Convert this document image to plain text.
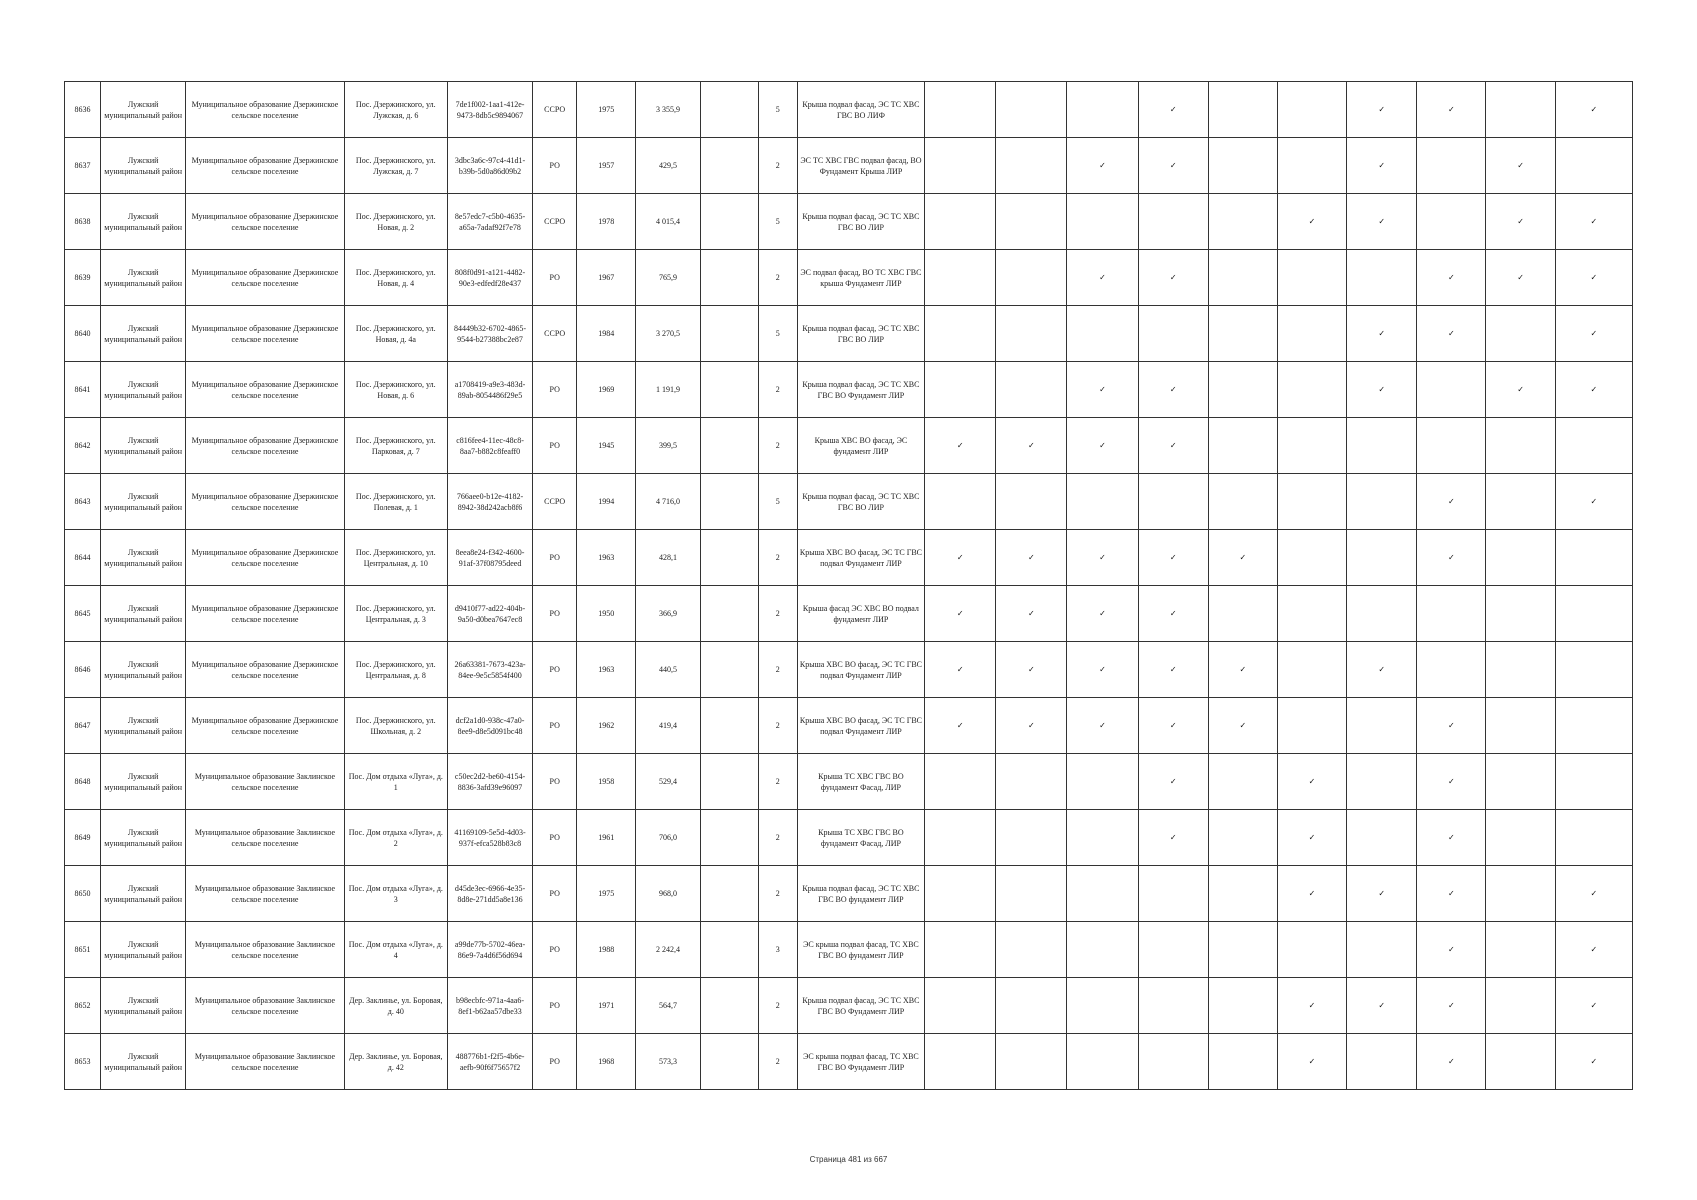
8636	Лужский муниципальный район	Муниципальное образование Дзержинское сельское поселение	Пос. Дзержинского, ул. Лужская, д. 6	7de1f002-1aa1-412e-9473-8db5c9894067	ССРО	1975	3 355,9		5	Крыша подвал фасад, ЭС ТС ХВС ГВС ВО ЛИФ				✓			✓	✓		✓
8637	Лужский муниципальный район	Муниципальное образование Дзержинское сельское поселение	Пос. Дзержинского, ул. Лужская, д. 7	3dbc3a6c-97c4-41d1-b39b-5d0a86d09b2	РО	1957	429,5		2	ЭС ТС ХВС ГВС подвал фасад, ВО Фундамент Крыша ЛИР			✓	✓			✓		✓	
8638	Лужский муниципальный район	Муниципальное образование Дзержинское сельское поселение	Пос. Дзержинского, ул. Новая, д. 2	8e57edc7-c5b0-4635-a65a-7adaf92f7e78	ССРО	1978	4 015,4		5	Крыша подвал фасад, ЭС ТС ХВС ГВС ВО ЛИР						✓	✓		✓	✓
8639	Лужский муниципальный район	Муниципальное образование Дзержинское сельское поселение	Пос. Дзержинского, ул. Новая, д. 4	808f0d91-a121-4482-90e3-edfedf28e437	РО	1967	765,9		2	ЭС подвал фасад, ВО ТС ХВС ГВС крыша Фундамент ЛИР			✓	✓				✓	✓	✓
8640	Лужский муниципальный район	Муниципальное образование Дзержинское сельское поселение	Пос. Дзержинского, ул. Новая, д. 4а	84449b32-6702-4865-9544-b27388bc2e87	ССРО	1984	3 270,5		5	Крыша подвал фасад, ЭС ТС ХВС ГВС ВО ЛИР							✓	✓		✓
8641	Лужский муниципальный район	Муниципальное образование Дзержинское сельское поселение	Пос. Дзержинского, ул. Новая, д. 6	a1708419-a9e3-483d-89ab-8054486f29e5	РО	1969	1 191,9		2	Крыша подвал фасад, ЭС ТС ХВС ГВС ВО Фундамент ЛИР			✓	✓			✓		✓	✓
8642	Лужский муниципальный район	Муниципальное образование Дзержинское сельское поселение	Пос. Дзержинского, ул. Парковая, д. 7	c816fee4-11ec-48c8-8aa7-b882c8feaff0	РО	1945	399,5		2	Крыша ХВС ВО фасад, ЭС фундамент ЛИР	✓	✓	✓	✓						
8643	Лужский муниципальный район	Муниципальное образование Дзержинское сельское поселение	Пос. Дзержинского, ул. Полевая, д. 1	766aee0-b12e-4182-8942-38d242acb8f6	ССРО	1994	4 716,0		5	Крыша подвал фасад, ЭС ТС ХВС ГВС ВО ЛИР								✓		✓
8644	Лужский муниципальный район	Муниципальное образование Дзержинское сельское поселение	Пос. Дзержинского, ул. Центральная, д. 10	8eea8e24-f342-4600-91af-37f08795deed	РО	1963	428,1		2	Крыша ХВС ВО фасад, ЭС ТС ГВС подвал Фундамент ЛИР	✓	✓	✓	✓	✓			✓		
8645	Лужский муниципальный район	Муниципальное образование Дзержинское сельское поселение	Пос. Дзержинского, ул. Центральная, д. 3	d9410f77-ad22-404b-9a50-d0bea7647ec8	РО	1950	366,9		2	Крыша фасад ЭС ХВС ВО подвал фундамент ЛИР	✓	✓	✓	✓						
8646	Лужский муниципальный район	Муниципальное образование Дзержинское сельское поселение	Пос. Дзержинского, ул. Центральная, д. 8	26a63381-7673-423a-84ee-9e5c5854f400	РО	1963	440,5		2	Крыша ХВС ВО фасад, ЭС ТС ГВС подвал Фундамент ЛИР	✓	✓	✓	✓	✓		✓			
8647	Лужский муниципальный район	Муниципальное образование Дзержинское сельское поселение	Пос. Дзержинского, ул. Школьная, д. 2	dcf2a1d0-938c-47a0-8ee9-d8e5d091bc48	РО	1962	419,4		2	Крыша ХВС ВО фасад, ЭС ТС ГВС подвал Фундамент ЛИР	✓	✓	✓	✓	✓			✓		
8648	Лужский муниципальный район	Муниципальное образование Заклинское сельское поселение	Пос. Дом отдыха «Луга», д. 1	c50ec2d2-be60-4154-8836-3afd39e96097	РО	1958	529,4		2	Крыша ТС ХВС ГВС ВО фундамент Фасад, ЛИР				✓		✓		✓		
8649	Лужский муниципальный район	Муниципальное образование Заклинское сельское поселение	Пос. Дом отдыха «Луга», д. 2	41169109-5e5d-4d03-937f-efca528b83c8	РО	1961	706,0		2	Крыша ТС ХВС ГВС ВО фундамент Фасад, ЛИР				✓		✓		✓		
8650	Лужский муниципальный район	Муниципальное образование Заклинское сельское поселение	Пос. Дом отдыха «Луга», д. 3	d45de3ec-6966-4e35-8d8e-271dd5a8e136	РО	1975	968,0		2	Крыша подвал фасад, ЭС ТС ХВС ГВС ВО фундамент ЛИР						✓	✓	✓		✓
8651	Лужский муниципальный район	Муниципальное образование Заклинское сельское поселение	Пос. Дом отдыха «Луга», д. 4	a99de77b-5702-46ea-86e9-7a4d6f56d694	РО	1988	2 242,4		3	ЭС крыша подвал фасад, ТС ХВС ГВС ВО фундамент ЛИР								✓		✓
8652	Лужский муниципальный район	Муниципальное образование Заклинское сельское поселение	Дер. Заклинье, ул. Боровая, д. 40	b98ecbfc-971a-4aa6-8ef1-b62aa57dbe33	РО	1971	564,7		2	Крыша подвал фасад, ЭС ТС ХВС ГВС ВО Фундамент ЛИР						✓	✓	✓		✓
8653	Лужский муниципальный район	Муниципальное образование Заклинское сельское поселение	Дер. Заклинье, ул. Боровая, д. 42	488776b1-f2f5-4b6e-aefb-90f6f75657f2	РО	1968	573,3		2	ЭС крыша подвал фасад, ТС ХВС ГВС ВО Фундамент ЛИР						✓		✓		✓
Страница 481 из 667
